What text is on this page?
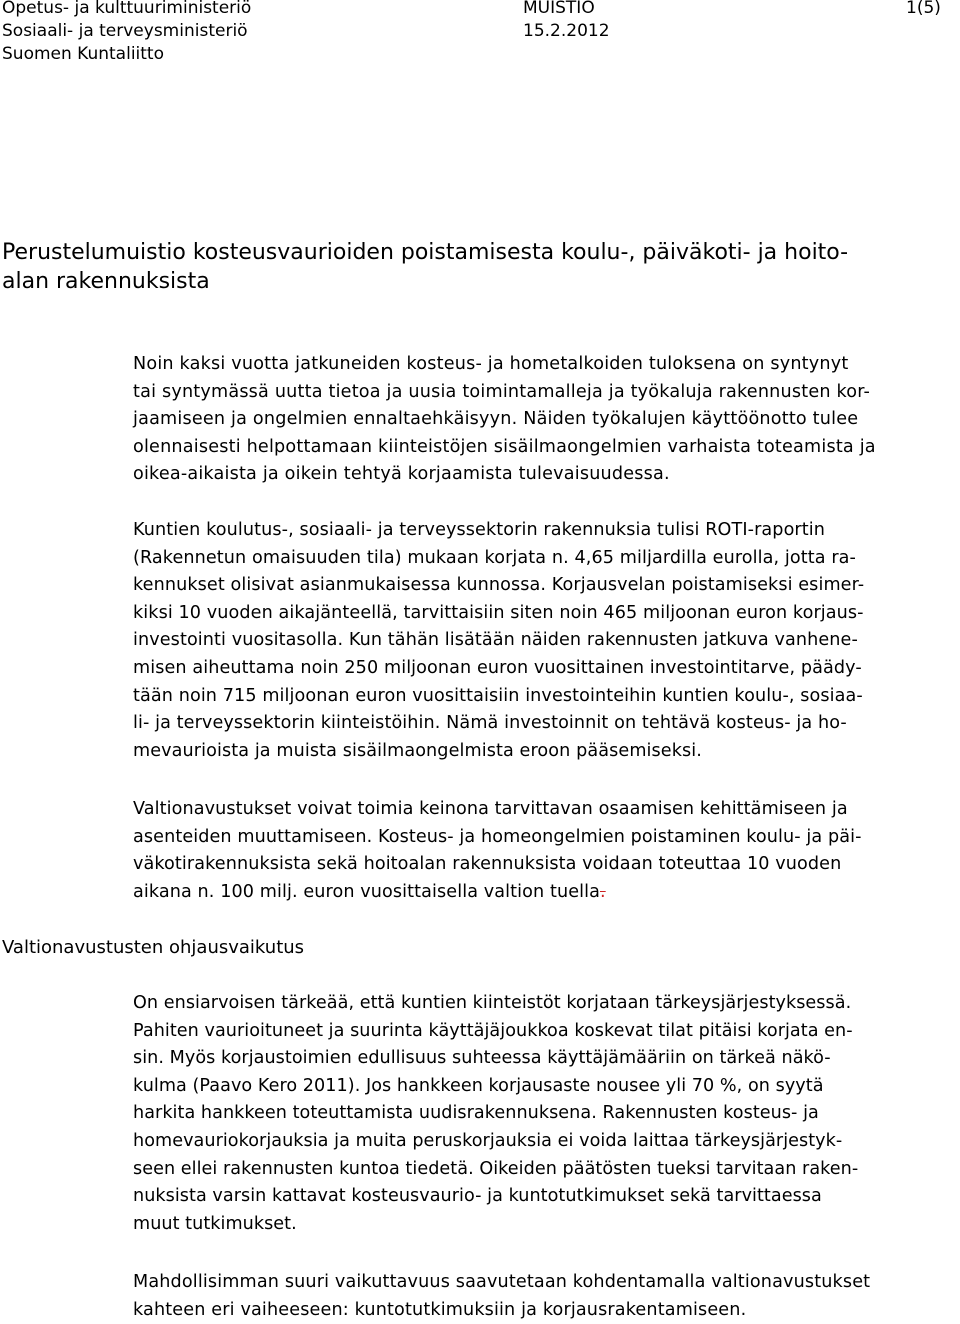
Opetus- ja kulttuuriministeriö
Sosiaali- ja terveysministeriö
Suomen Kuntaliitto
MUISTIO
15.2.2012
1(5)
Perustelumuistio kosteusvaurioiden poistamisesta koulu-, päiväkoti- ja hoito-
alan rakennuksista
Noin kaksi vuotta jatkuneiden kosteus- ja hometalkoiden tuloksena on syntynyt
tai syntymässä uutta tietoa ja uusia toimintamalleja ja työkaluja rakennusten kor-
jaamiseen ja ongelmien ennaltaehkäisyyn. Näiden työkalujen käyttöönotto tulee
olennaisesti helpottamaan kiinteistöjen sisäilmaongelmien varhaista toteamista ja
oikea-aikaista ja oikein tehtyä korjaamista tulevaisuudessa.
Kuntien koulutus-, sosiaali- ja terveyssektorin rakennuksia tulisi ROTI-raportin
(Rakennetun omaisuuden tila) mukaan korjata n. 4,65 miljardilla eurolla, jotta ra-
kennukset olisivat asianmukaisessa kunnossa. Korjausvelan poistamiseksi esimer-
kiksi 10 vuoden aikajänteellä, tarvittaisiin siten noin 465 miljoonan euron korjaus-
investointi vuositasolla. Kun tähän lisätään näiden rakennusten jatkuva vanhene-
misen aiheuttama noin 250 miljoonan euron vuosittainen investointitarve, päädy-
tään noin 715 miljoonan euron vuosittaisiin investointeihin kuntien koulu-, sosiaa-
li- ja terveyssektorin kiinteistöihin. Nämä investoinnit on tehtävä kosteus- ja ho-
mevaurioista ja muista sisäilmaongelmista eroon pääsemiseksi.
Valtionavustukset voivat toimia keinona tarvittavan osaamisen kehittämiseen ja
asenteiden muuttamiseen. Kosteus- ja homeongelmien poistaminen koulu- ja päi-
väkotirakennuksista sekä hoitoalan rakennuksista voidaan toteuttaa 10 vuoden
aikana n. 100 milj. euron vuosittaisella valtion tuella.
Valtionavustusten ohjausvaikutus
On ensiarvoisen tärkeää, että kuntien kiinteistöt korjataan tärkeysjärjestyksessä.
Pahiten vaurioituneet ja suurinta käyttäjäjoukkoa koskevat tilat pitäisi korjata en-
sin. Myös korjaustoimien edullisuus suhteessa käyttäjämääriin on tärkeä näkö-
kulma (Paavo Kero 2011). Jos hankkeen korjausaste nousee yli 70 %, on syytä
harkita hankkeen toteuttamista uudisrakennuksena. Rakennusten kosteus- ja
homevauriokorjauksia ja muita peruskorjauksia ei voida laittaa tärkeysjärjestyk-
seen ellei rakennusten kuntoa tiedetä. Oikeiden päätösten tueksi tarvitaan raken-
nuksista varsin kattavat kosteusvaurio- ja kuntotutkimukset sekä tarvittaessa
muut tutkimukset.
Mahdollisimman suuri vaikuttavuus saavutetaan kohdentamalla valtionavustukset
kahteen eri vaiheeseen: kuntotutkimuksiin ja korjausrakentamiseen.
